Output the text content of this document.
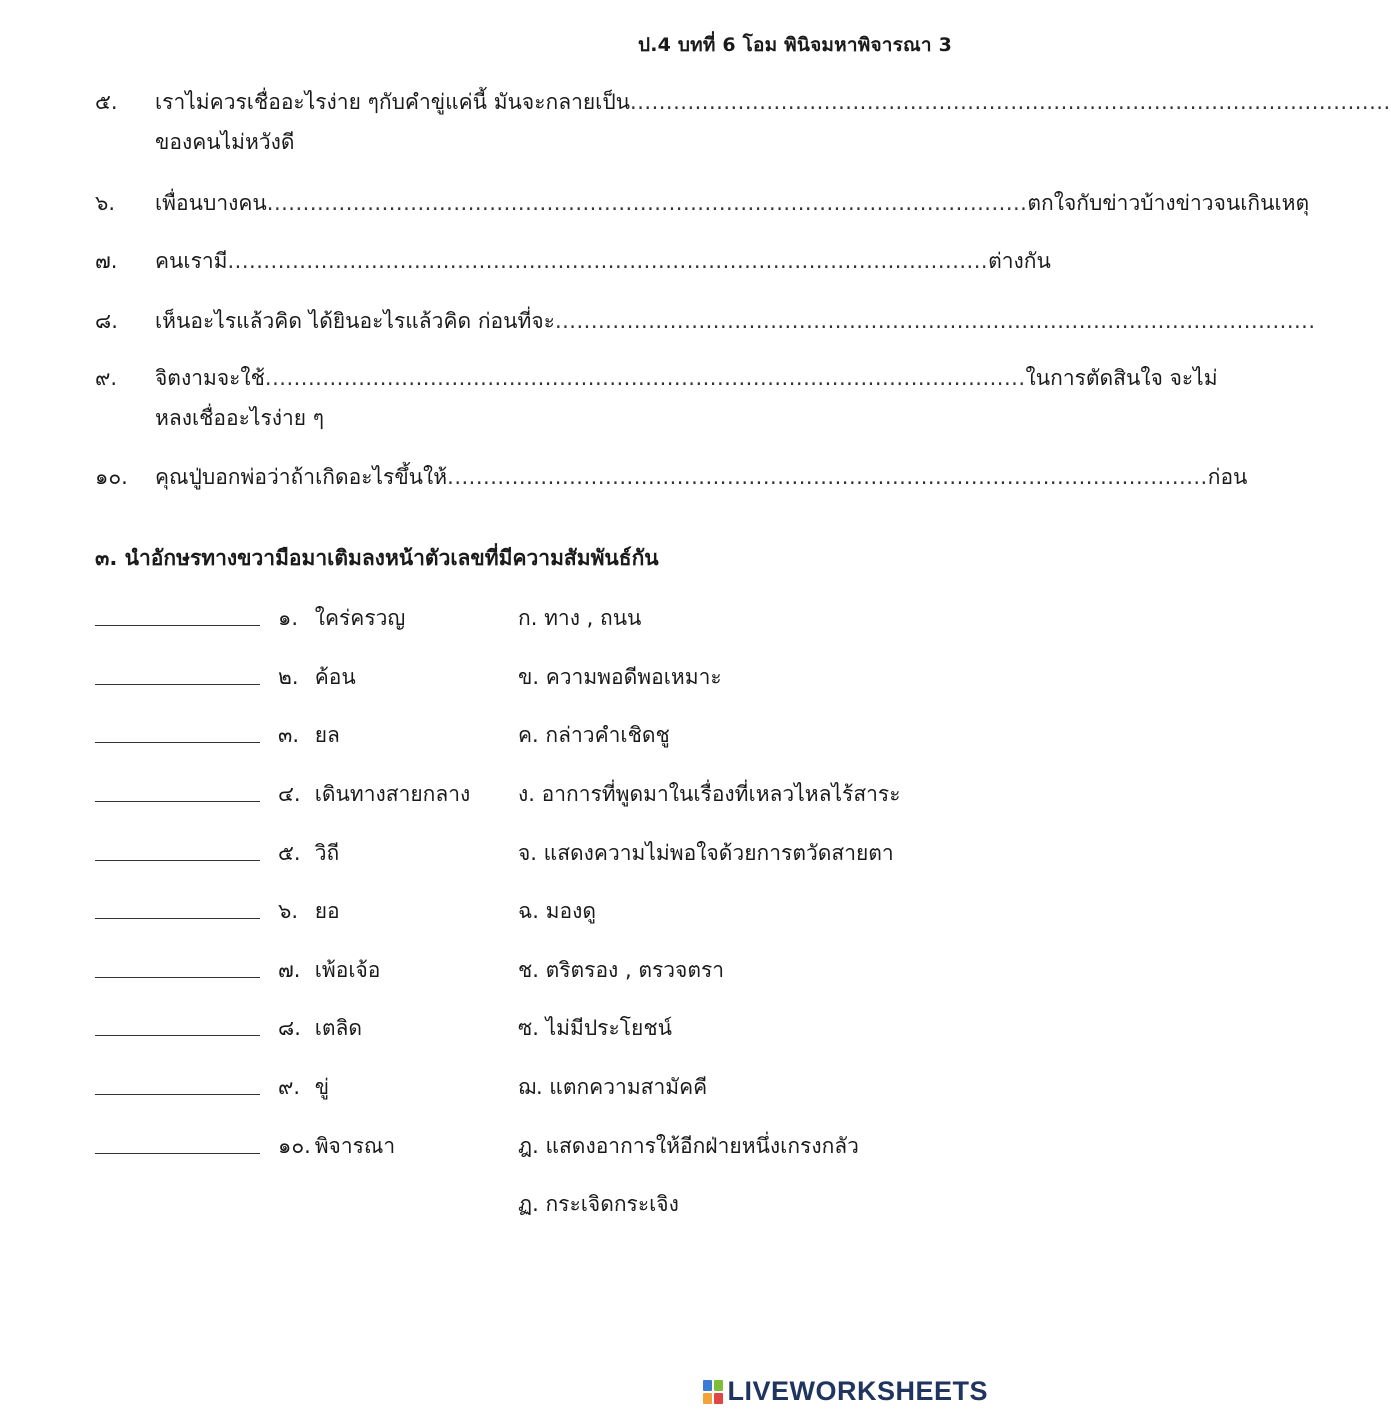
ป.4 บทที่ 6 โอม พินิจมหาพิจารณา 3
๕.	เราไม่ควรเชื่ออะไรง่าย ๆกับคำขู่แค่นี้ มันจะกลายเป็น ..........................................................................................................
ของคนไม่หวังดี
๖.	เพื่อนบางคน .......................................................................................................... ตกใจกับข่าวบ้างข่าวจนเกินเหตุ
๗.	คนเรามี .......................................................................................................... ต่างกัน
๘.	เห็นอะไรแล้วคิด ได้ยินอะไรแล้วคิด ก่อนที่จะ ..........................................................................................................
๙.	จิตงามจะใช้ .......................................................................................................... ในการตัดสินใจ จะไม่
หลงเชื่ออะไรง่าย ๆ
๑๐.	คุณปู่บอกพ่อว่าถ้าเกิดอะไรขึ้นให้ .......................................................................................................... ก่อน
๓. นำอักษรทางขวามือมาเติมลงหน้าตัวเลขที่มีความสัมพันธ์กัน
๑. ใคร่ครวญ	ก. ทาง , ถนน
๒. ค้อน	ข. ความพอดีพอเหมาะ
๓. ยล	ค. กล่าวคำเชิดชู
๔. เดินทางสายกลาง ง. อาการที่พูดมาในเรื่องที่เหลวไหลไร้สาระ
๕. วิถี	จ. แสดงความไม่พอใจด้วยการตวัดสายตา
๖. ยอ	ฉ. มองดู
๗. เพ้อเจ้อ	ช. ตริตรอง , ตรวจตรา
๘. เตลิด	ซ. ไม่มีประโยชน์
๙. ขู่	ฌ. แตกความสามัคคี
๑๐. พิจารณา	ฎ. แสดงอาการให้อีกฝ่ายหนึ่งเกรงกลัว
ฏ. กระเจิดกระเจิง
LIVEWORKSHEETS
